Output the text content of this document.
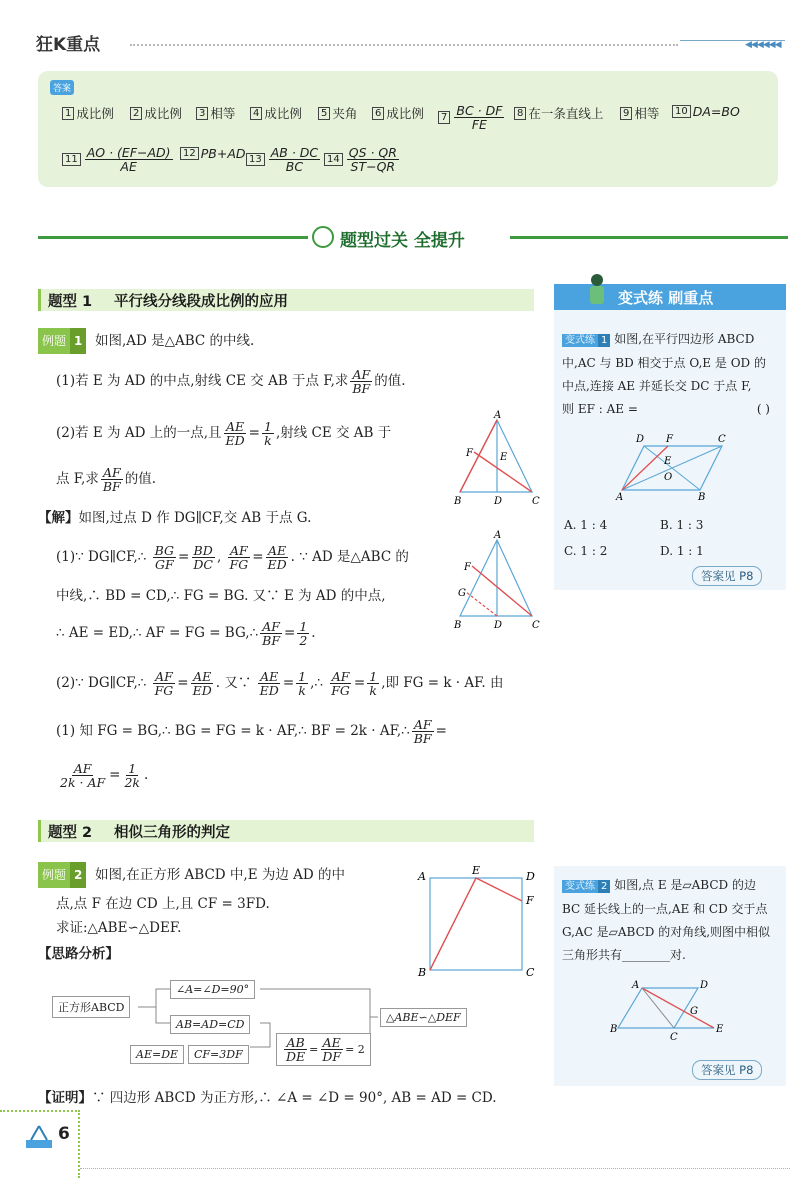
狂K重点	◀◀◀◀◀◀
答案
1 成比例	2 成比例	3 相等	4 成比例	5 夹角	6 成比例	$7 \frac{BC \cdot DF}{FE}$	8 在一条直线上	9 相等	10 DA=BO
$11 \frac{AO \cdot (EF-AD)}{AE}$	12 PB+AD $13 \frac{AB \cdot DC}{BC} 14 \frac{QS \cdot QR}{ST-QR}$
题型过关 全提升
题型 1 平行线分线段成比例的应用
例题 1 如图,AD 是△ABC 的中线.
(1)若 E 为 AD 的中点,射线 CE 交 AB 于点 F,求 $\frac{AF}{BF}$ 的值.
(2)若 E 为 AD 上的一点,且 $\frac{AE}{ED} = \frac{1}{k}$ ,射线 CE 交 AB 于
点 F,求 $\frac{AF}{BF}$ 的值.
A
F	E
B	D	C
【解】如图,过点 D 作 DG∥CF,交 AB 于点 G.
(1)∵ DG∥CF,∴ $\frac{BG}{GF} = \frac{BD}{DC}$ , $\frac{AF}{FG} = \frac{AE}{ED}$ . ∵ AD 是△ABC 的
中线,∴ BD = CD,∴ FG = BG. 又∵ E 为 AD 的中点,
∴ AE = ED,∴ AF = FG = BG,∴ $\frac{AF}{BF} = \frac{1}{2}$ .
A
F
G
B	D	C
(2)∵ DG∥CF,∴ $\frac{AF}{FG} = \frac{AE}{ED}$ . 又∵ $\frac{AE}{ED} = \frac{1}{k}$ ,∴ $\frac{AF}{FG} = \frac{1}{k}$ ,即 FG = k · AF. 由
(1) 知 FG = BG,∴ BG = FG = k · AF,∴ BF = 2k · AF,∴ $\frac{AF}{BF}$ =
$\frac{AF}{2k \cdot AF} = \frac{1}{2k}$ .
题型 2 相似三角形的判定
例题 2 如图,在正方形 ABCD 中,E 为边 AD 的中
点,点 F 在边 CD 上,且 CF = 3FD.
求证:△ABE∽△DEF.
【思路分析】
A	E	D
F
B	C
正方形ABCD
∠A=∠D=90°
AB=AD=CD
AE=DE	CF=3DF	$\frac{AB}{DE} = \frac{AE}{DF} = 2$
△ABE∽△DEF
【证明】∵ 四边形 ABCD 为正方形,∴ ∠A = ∠D = 90°, AB = AD = CD.
变式练 刷重点
变式练 1 如图,在平行四边形 ABCD
中,AC 与 BD 相交于点 O,E 是 OD 的
中点,连接 AE 并延长交 DC 于点 F,
则 EF : AE =	( )
D F	C
E
O
A	B
A. 1 : 4	B. 1 : 3
C. 1 : 2	D. 1 : 1
答案见 P8
变式练 2 如图,点 E 是▱ABCD 的边
BC 延长线上的一点,AE 和 CD 交于点
G,AC 是▱ABCD 的对角线,则图中相似
三角形共有________对.
A	D
G
B
C
E
答案见 P8
6
